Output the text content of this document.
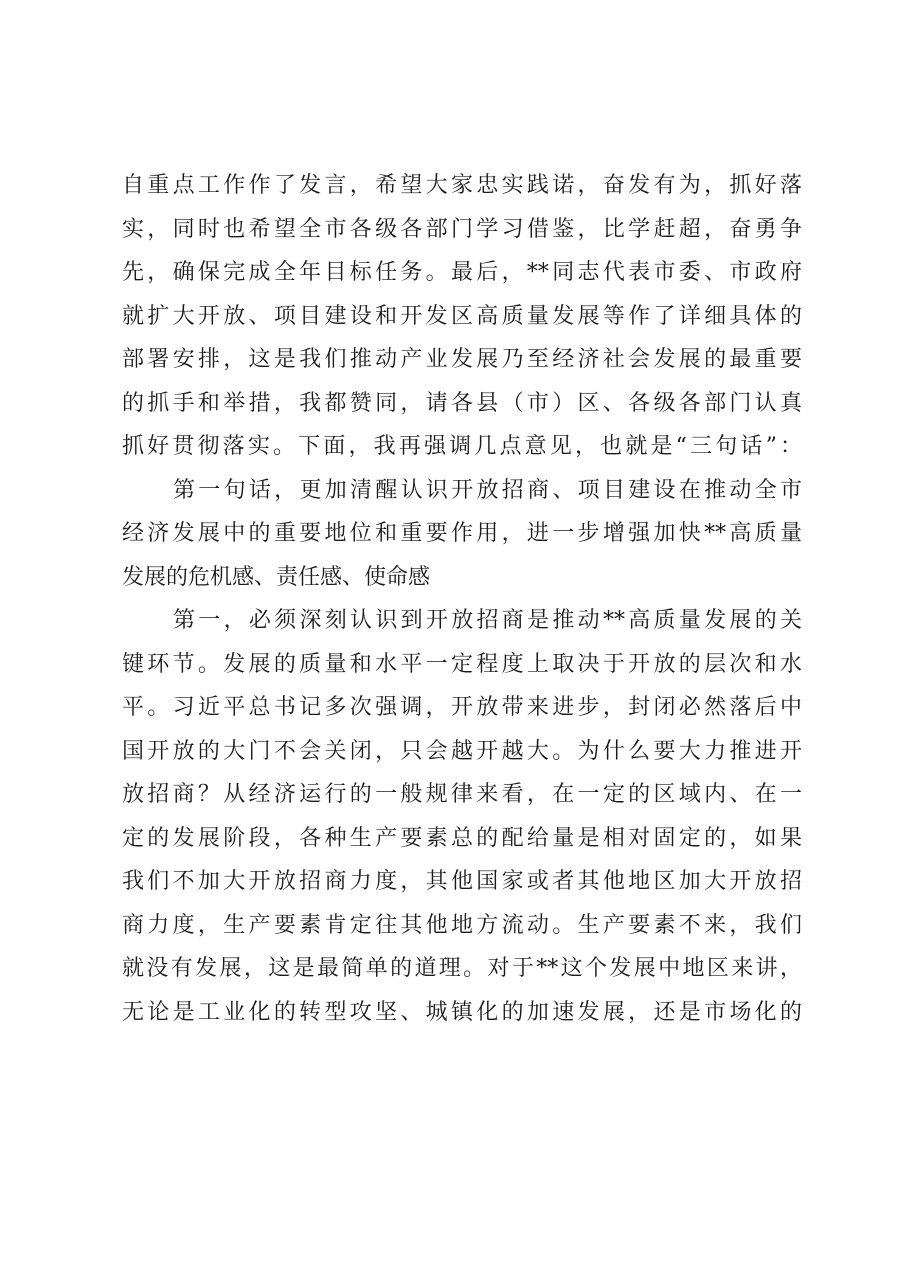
自重点工作作了发言，希望大家忠实践诺，奋发有为，抓好落
实，同时也希望全市各级各部门学习借鉴，比学赶超，奋勇争
先，确保完成全年目标任务。最后，**同志代表市委、市政府
就扩大开放、项目建设和开发区高质量发展等作了详细具体的
部署安排，这是我们推动产业发展乃至经济社会发展的最重要
的抓手和举措，我都赞同，请各县（市）区、各级各部门认真
抓好贯彻落实。下面，我再强调几点意见，也就是“三句话”：
第一句话，更加清醒认识开放招商、项目建设在推动全市
经济发展中的重要地位和重要作用，进一步增强加快**高质量
发展的危机感、责任感、使命感
第一，必须深刻认识到开放招商是推动**高质量发展的关
键环节。发展的质量和水平一定程度上取决于开放的层次和水
平。习近平总书记多次强调，开放带来进步，封闭必然落后中
国开放的大门不会关闭，只会越开越大。为什么要大力推进开
放招商？从经济运行的一般规律来看，在一定的区域内、在一
定的发展阶段，各种生产要素总的配给量是相对固定的，如果
我们不加大开放招商力度，其他国家或者其他地区加大开放招
商力度，生产要素肯定往其他地方流动。生产要素不来，我们
就没有发展，这是最简单的道理。对于**这个发展中地区来讲，
无论是工业化的转型攻坚、城镇化的加速发展，还是市场化的
